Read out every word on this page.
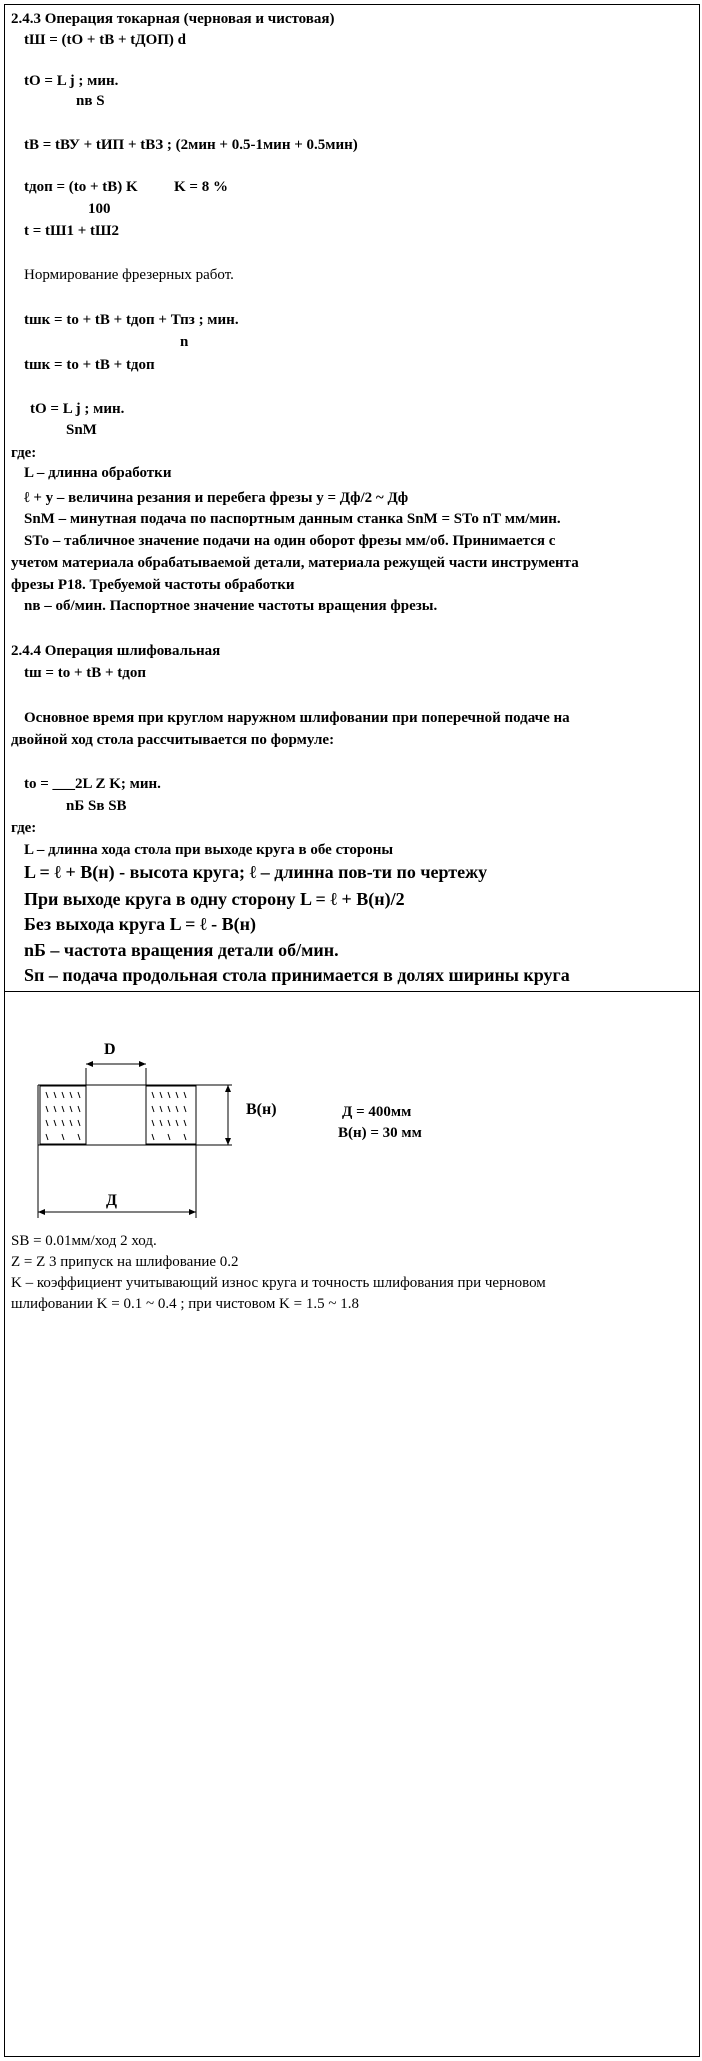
2.4.3 Операция токарная (черновая и чистовая)
tШ = (tО + tВ + tДОП) d
tО = L j ; мин.
nв S
tВ = tВУ + tИП + tВЗ ; (2мин + 0.5-1мин + 0.5мин)
tдоп = (tо + tВ) K K = 8 %
100
t = tШ1 + tШ2
Нормирование фрезерных работ.
tшк = tо + tВ + tдоп + Тпз ; мин.
n
tшк = tо + tВ + tдоп
tО = L j ; мин.
SnM
где:
L – длинна обработки
ℓ + у – величина резания и перебега фрезы у = Дф/2 ~ Дф
SnM – минутная подача по паспортным данным станка SnM = SТо nТ мм/мин.
SТо – табличное значение подачи на один оборот фрезы мм/об. Принимается с
учетом материала обрабатываемой детали, материала режущей части инструмента
фрезы Р18. Требуемой частоты обработки
nв – об/мин. Паспортное значение частоты вращения фрезы.
2.4.4 Операция шлифовальная
tш = tо + tВ + tдоп
Основное время при круглом наружном шлифовании при поперечной подаче на
двойной ход стола рассчитывается по формуле:
tо = ___2L Z K; мин.
nБ Sв SВ
где:
L – длинна хода стола при выходе круга в обе стороны
L = ℓ + B(н) - высота круга; ℓ – длинна пов-ти по чертежу
При выходе круга в одну сторону L = ℓ + B(н)/2
Без выхода круга L = ℓ - B(н)
nБ – частота вращения детали об/мин.
Sп – подача продольная стола принимается в долях ширины круга
D
B(н)
Д
Д = 400мм
B(н) = 30 мм
SВ = 0.01мм/ход 2 ход.
Z = Z 3 припуск на шлифование 0.2
K – коэффициент учитывающий износ круга и точность шлифования при черновом
шлифовании K = 0.1 ~ 0.4 ; при чистовом K = 1.5 ~ 1.8
